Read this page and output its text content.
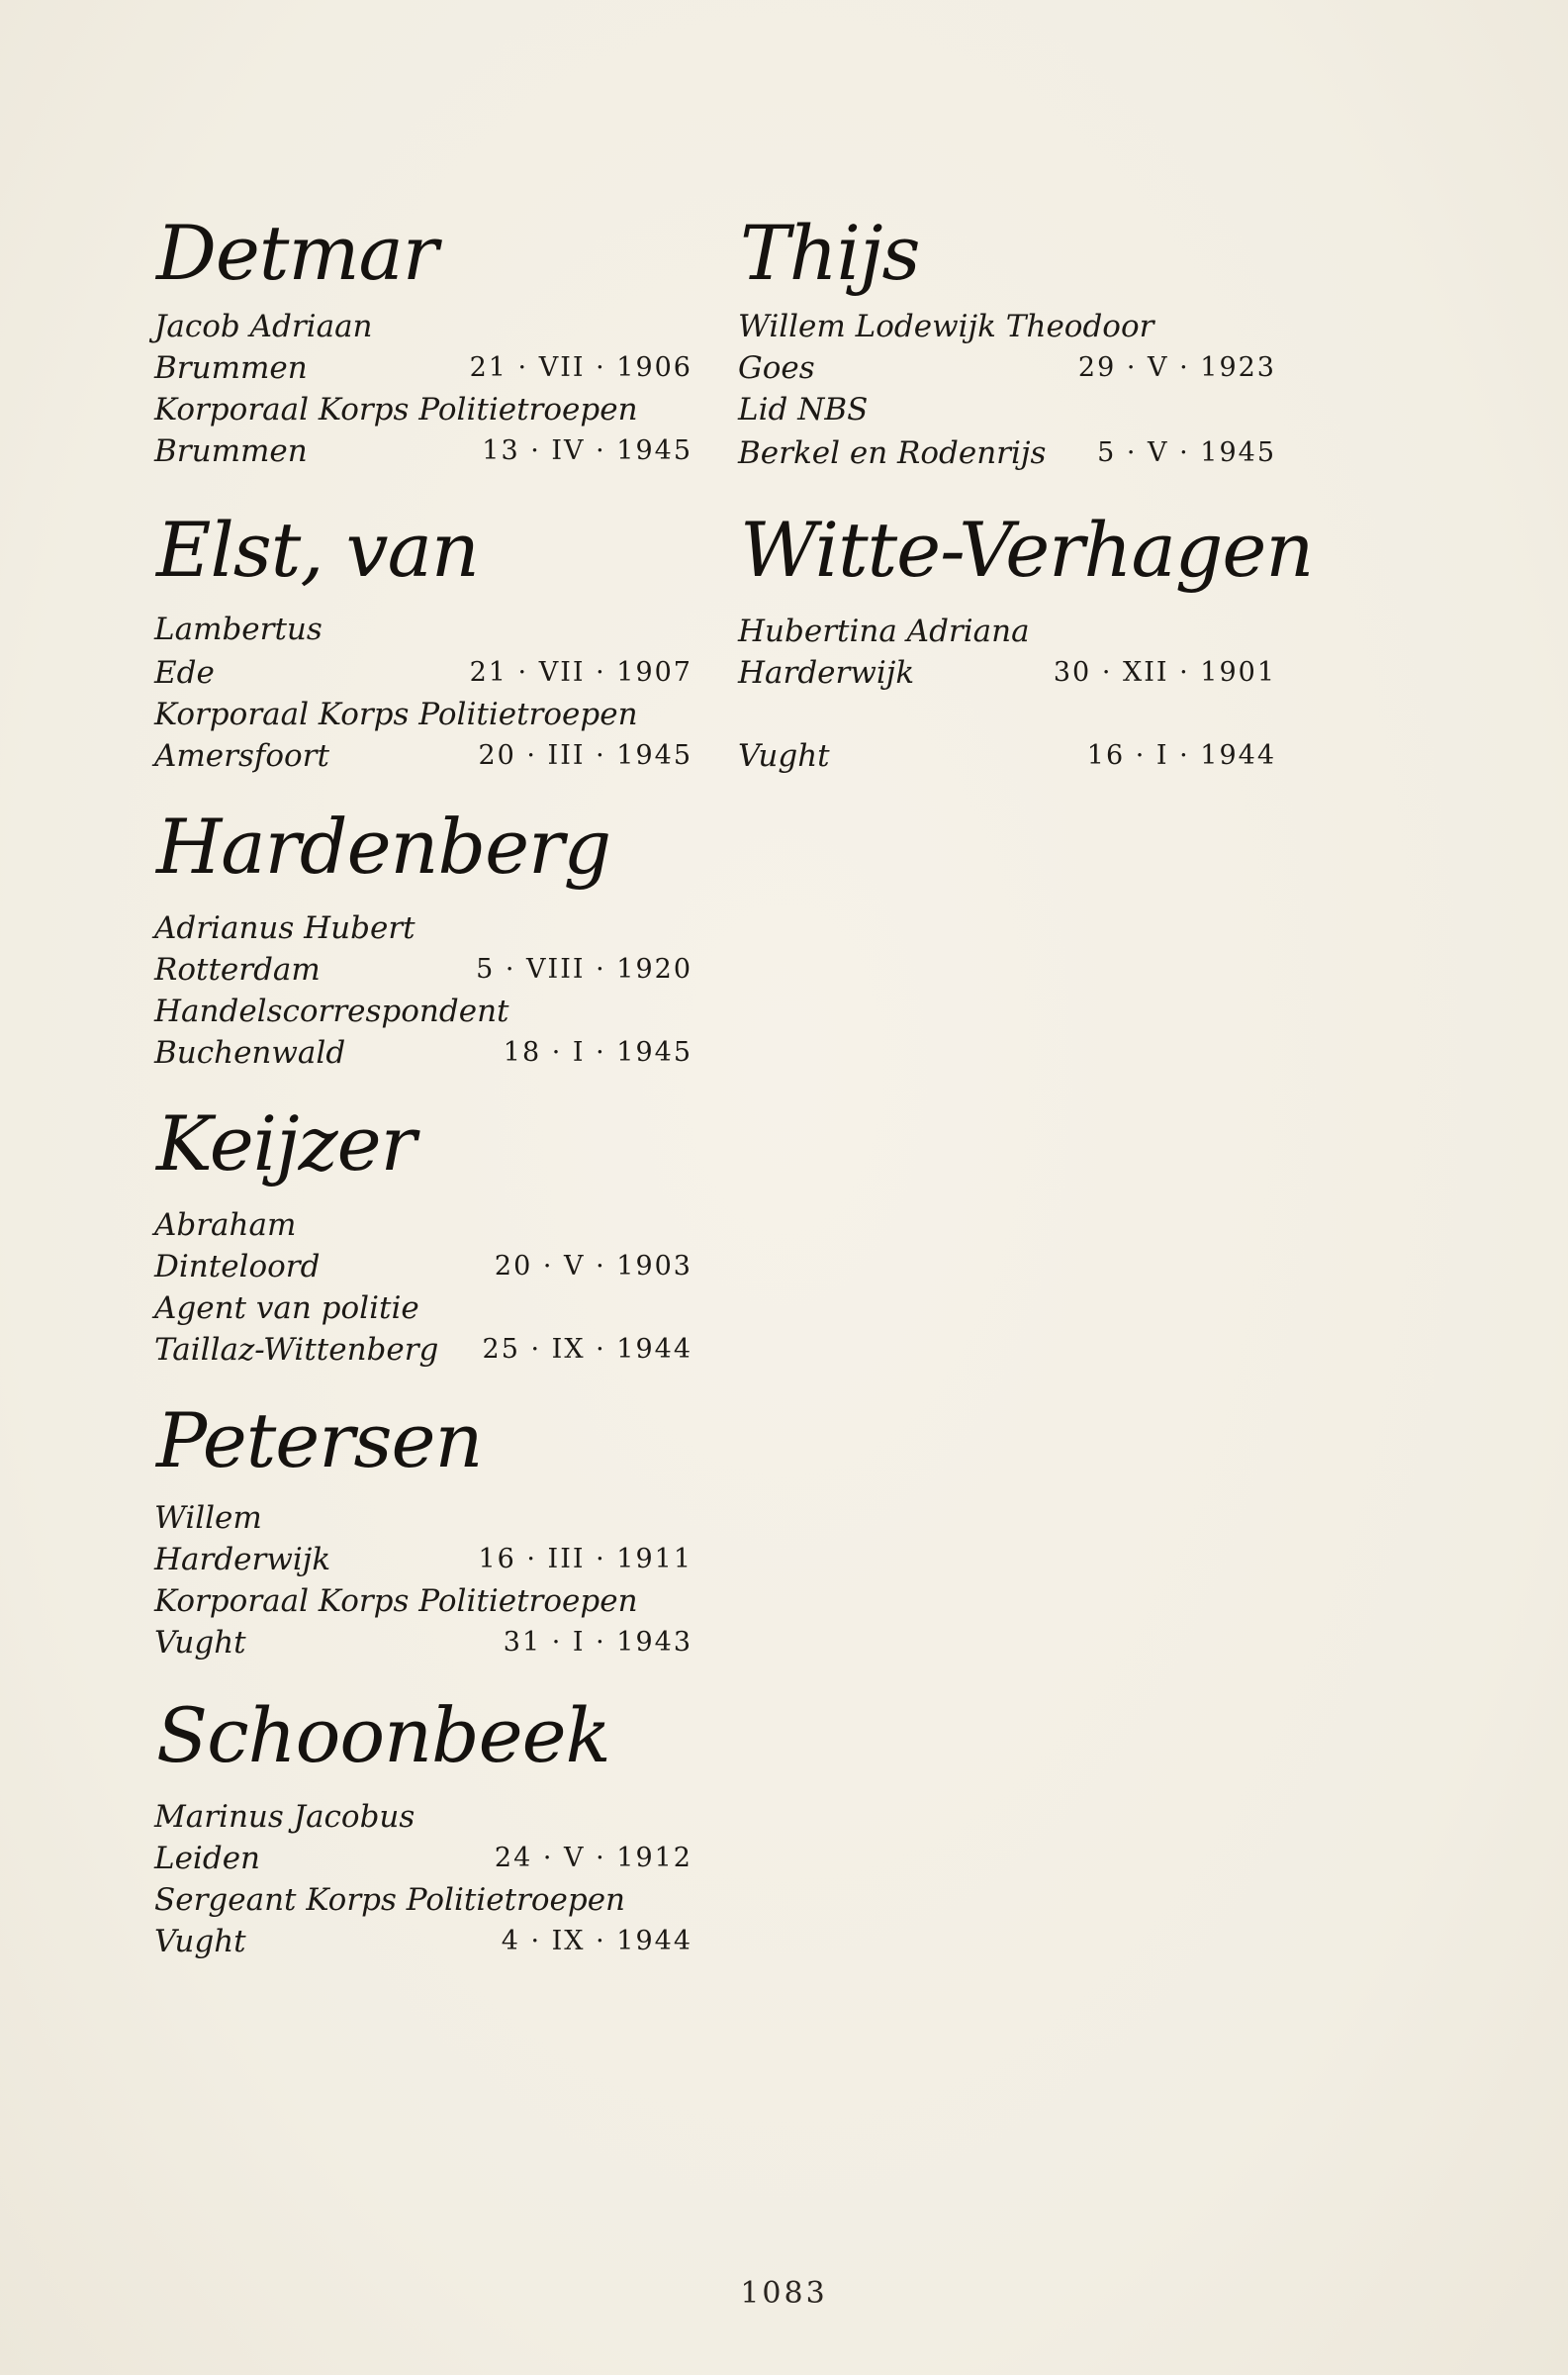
Detmar
Jacob Adriaan
Brummen	21 · VII · 1906
Korporaal Korps Politietroepen
Brummen	13 · IV · 1945
Elst, van
Lambertus
Ede	21 · VII · 1907
Korporaal Korps Politietroepen
Amersfoort	20 · III · 1945
Hardenberg
Adrianus Hubert
Rotterdam	5 · VIII · 1920
Handelscorrespondent
Buchenwald	18 · I · 1945
Keijzer
Abraham
Dinteloord	20 · V · 1903
Agent van politie
Taillaz-Wittenberg 25 · IX · 1944
Petersen
Willem
Harderwijk	16 · III · 1911
Korporaal Korps Politietroepen
Vught	31 · I · 1943
Schoonbeek
Marinus Jacobus
Leiden	24 · V · 1912
Sergeant Korps Politietroepen
Vught	4 · IX · 1944
Thijs
Willem Lodewijk Theodoor
Goes	29 · V · 1923
Lid NBS
Berkel en Rodenrijs 5 · V · 1945
Witte-Verhagen
Hubertina Adriana
Harderwijk	30 · XII · 1901
Vught	16 · I · 1944
1083
